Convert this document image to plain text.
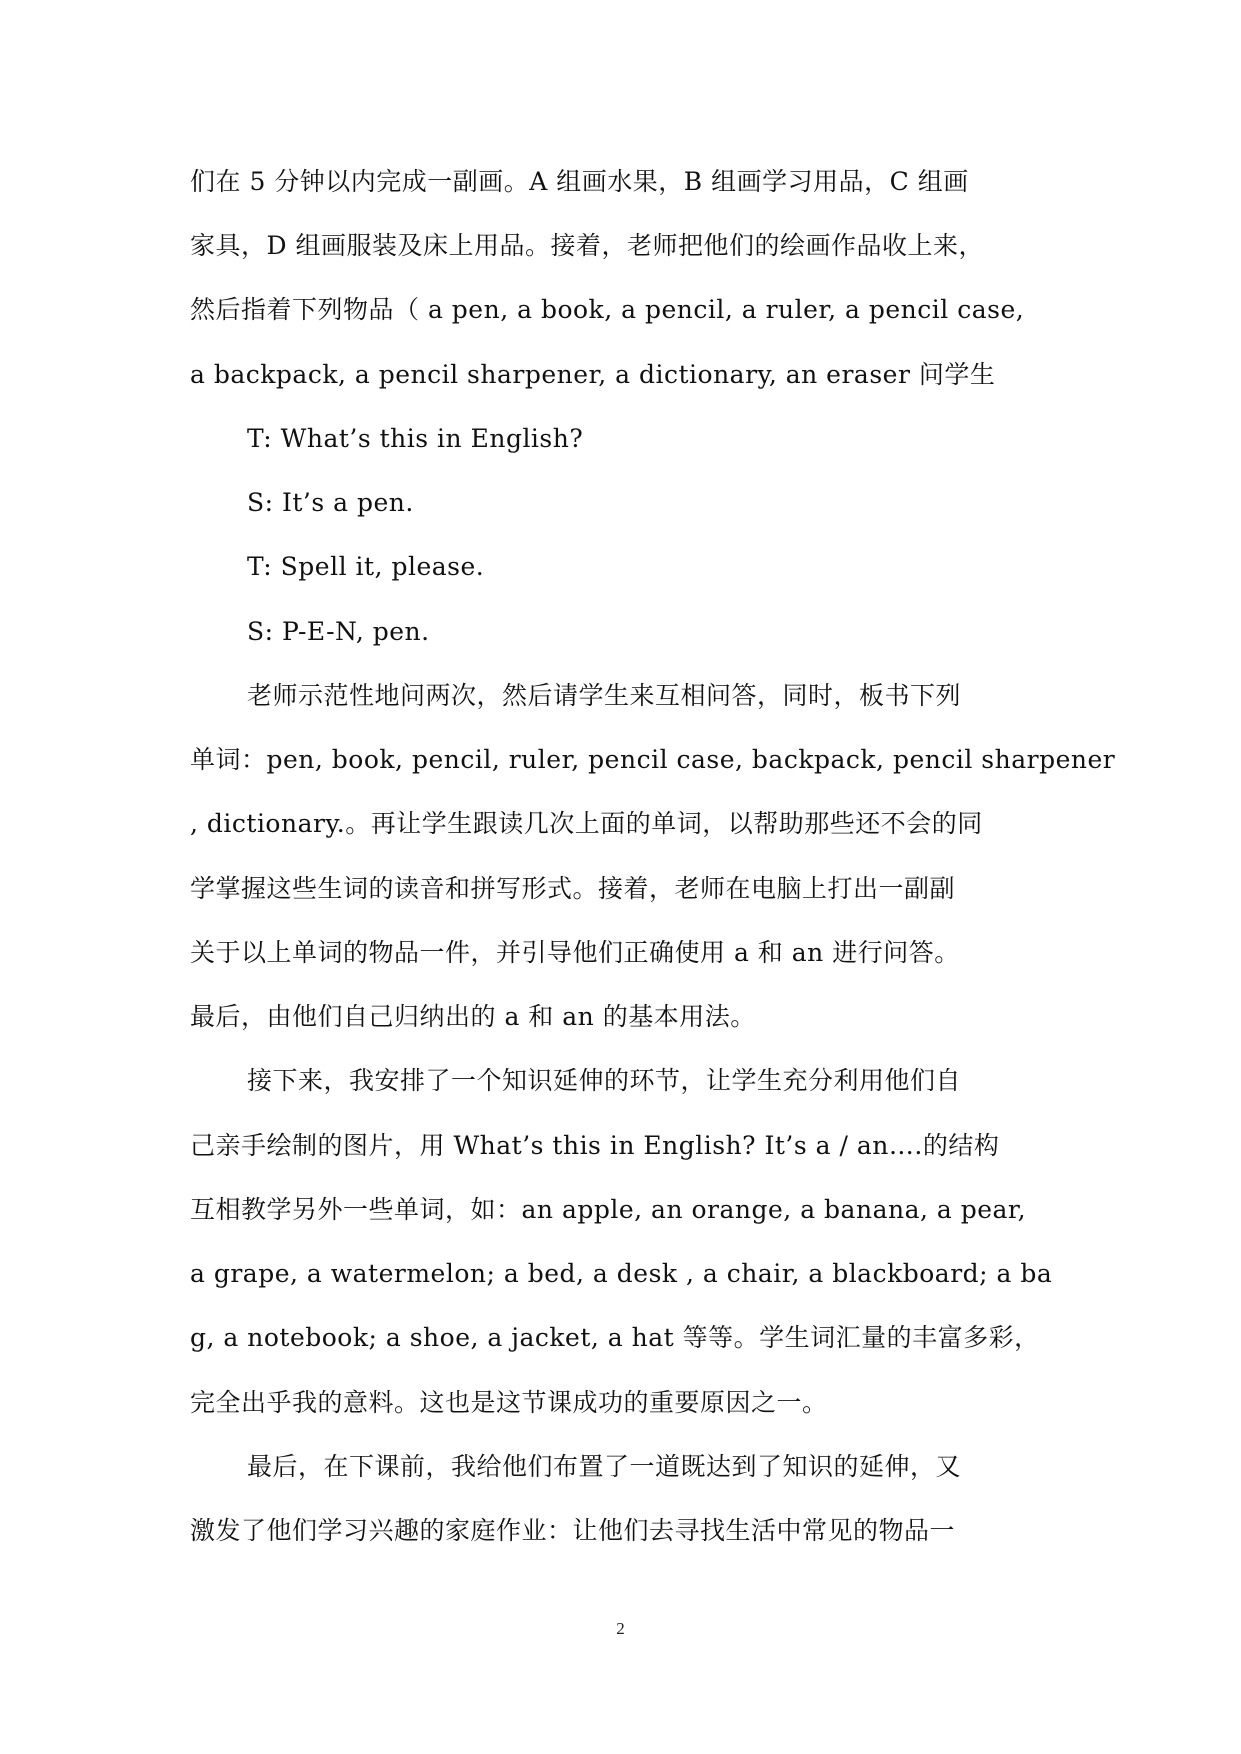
们在 5 分钟以内完成一副画。A 组画水果，B 组画学习用品，C 组画
家具，D 组画服装及床上用品。接着，老师把他们的绘画作品收上来，
然后指着下列物品（ a pen, a book, a pencil, a ruler, a pencil case,
a backpack, a pencil sharpener, a dictionary, an eraser 问学生
T: What’s this in English?
S: It’s a pen.
T: Spell it, please.
S: P-E-N, pen.
老师示范性地问两次，然后请学生来互相问答，同时，板书下列
单词：pen, book, pencil, ruler, pencil case, backpack, pencil sharpener
, dictionary.。再让学生跟读几次上面的单词，以帮助那些还不会的同
学掌握这些生词的读音和拼写形式。接着，老师在电脑上打出一副副
关于以上单词的物品一件，并引导他们正确使用 a 和 an 进行问答。
最后，由他们自己归纳出的 a 和 an 的基本用法。
接下来，我安排了一个知识延伸的环节，让学生充分利用他们自
己亲手绘制的图片，用 What’s this in English? It’s a / an….的结构
互相教学另外一些单词，如：an apple, an orange, a banana, a pear,
a grape, a watermelon; a bed, a desk , a chair, a blackboard; a ba
g, a notebook; a shoe, a jacket, a hat 等等。学生词汇量的丰富多彩，
完全出乎我的意料。这也是这节课成功的重要原因之一。
最后，在下课前，我给他们布置了一道既达到了知识的延伸，又
激发了他们学习兴趣的家庭作业：让他们去寻找生活中常见的物品一
2
